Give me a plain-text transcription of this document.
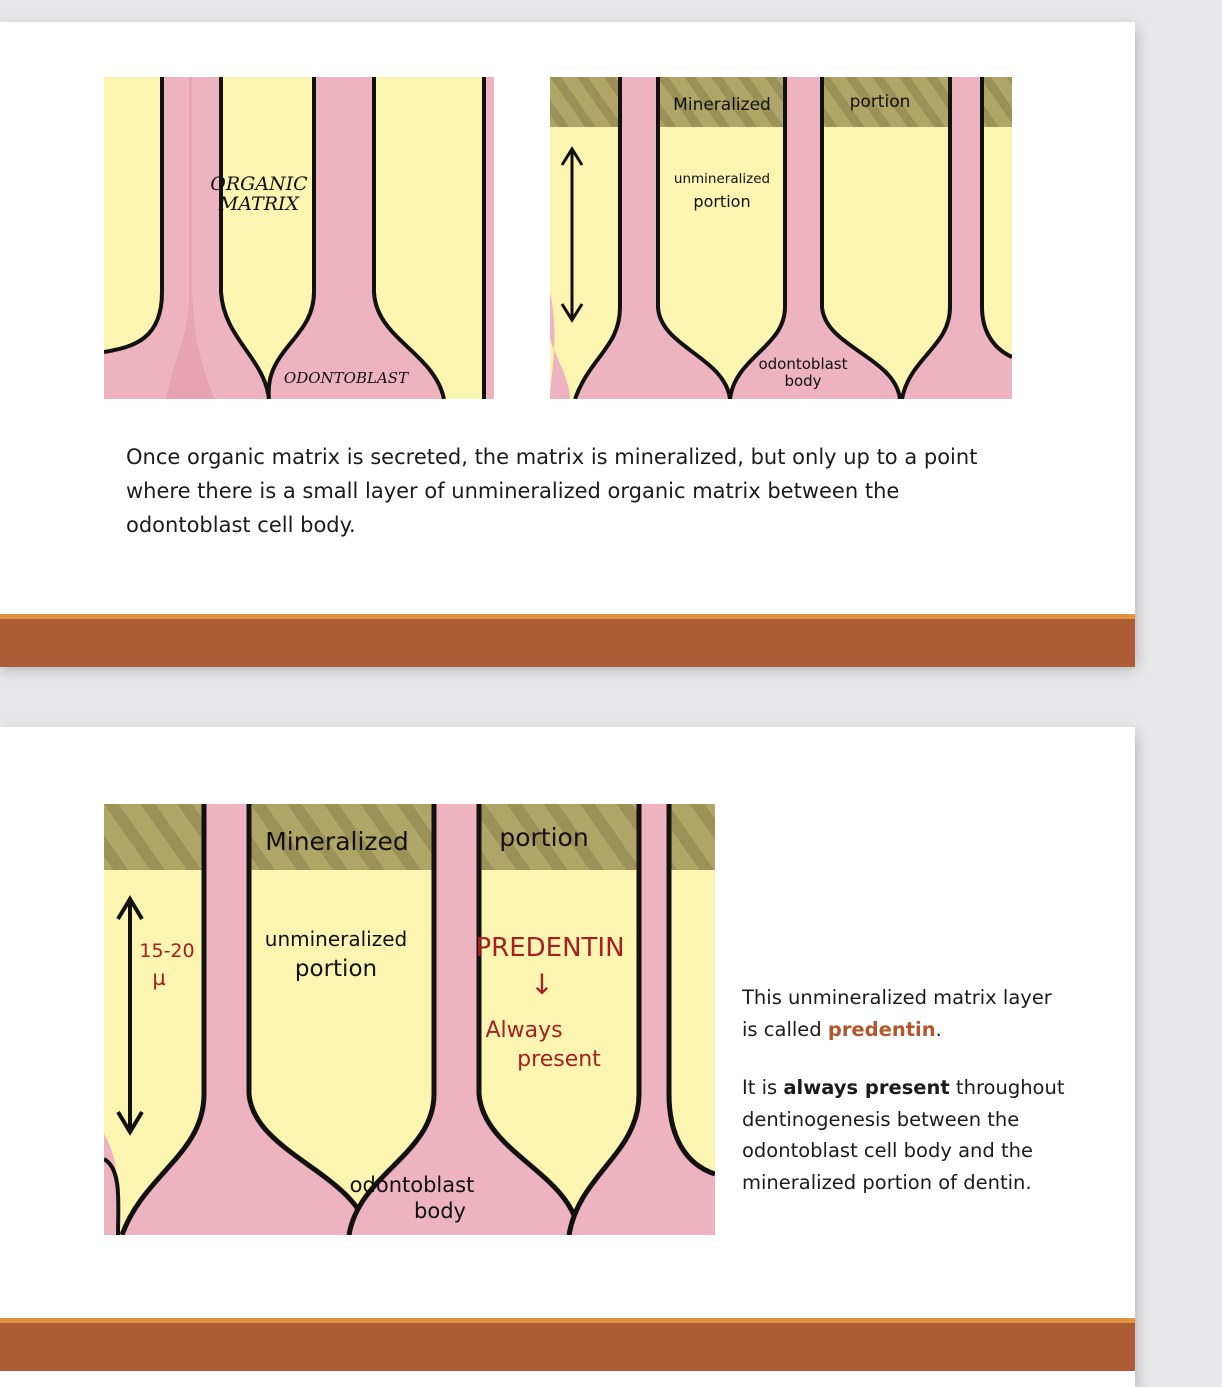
ORGANIC
MATRIX
ODONTOBLAST
Mineralized	portion
unmineralized
portion
odontoblast
body
Once organic matrix is secreted, the matrix is mineralized, but only up to a point where there is a small layer of unmineralized organic matrix between the odontoblast cell body.
Mineralized	portion
unmineralized
portion
15-20
µ
PREDENTIN
↓
Always
present
odontoblast
body

This unmineralized matrix layer is called predentin.

It is always present throughout dentinogenesis between the odontoblast cell body and the mineralized portion of dentin.
